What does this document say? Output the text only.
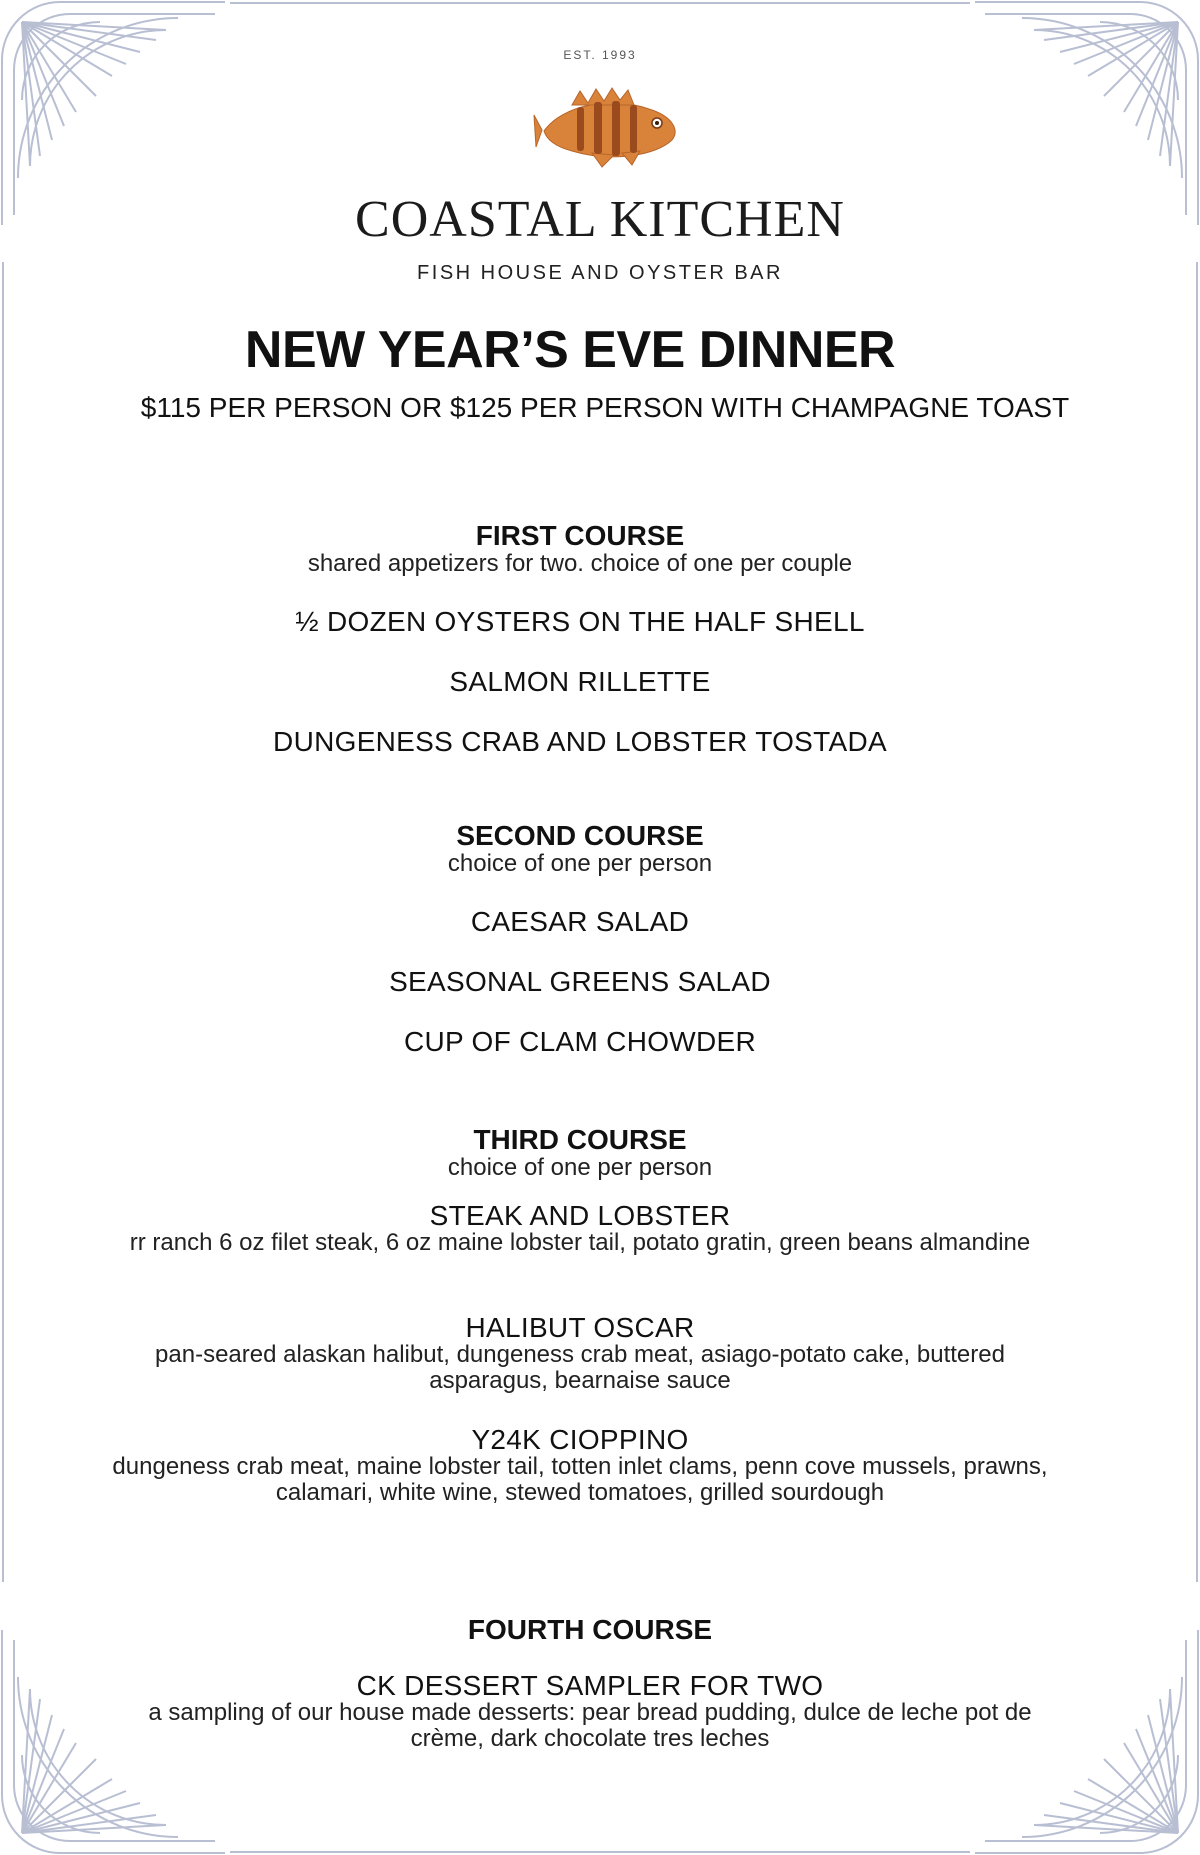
EST. 1993
COASTAL KITCHEN
FISH HOUSE AND OYSTER BAR
NEW YEAR’S EVE DINNER
$115 PER PERSON OR $125 PER PERSON WITH CHAMPAGNE TOAST
FIRST COURSE
shared appetizers for two. choice of one per couple
½ DOZEN OYSTERS ON THE HALF SHELL
SALMON RILLETTE
DUNGENESS CRAB AND LOBSTER TOSTADA
SECOND COURSE
choice of one per person
CAESAR SALAD
SEASONAL GREENS SALAD
CUP OF CLAM CHOWDER
THIRD COURSE
choice of one per person
STEAK AND LOBSTER
rr ranch 6 oz filet steak, 6 oz maine lobster tail, potato gratin, green beans almandine
HALIBUT OSCAR
pan-seared alaskan halibut, dungeness crab meat, asiago-potato cake, buttered asparagus, bearnaise sauce
Y24K CIOPPINO
dungeness crab meat, maine lobster tail, totten inlet clams, penn cove mussels, prawns, calamari, white wine, stewed tomatoes, grilled sourdough
FOURTH COURSE
CK DESSERT SAMPLER FOR TWO
a sampling of our house made desserts: pear bread pudding, dulce de leche pot de crème, dark chocolate tres leches
